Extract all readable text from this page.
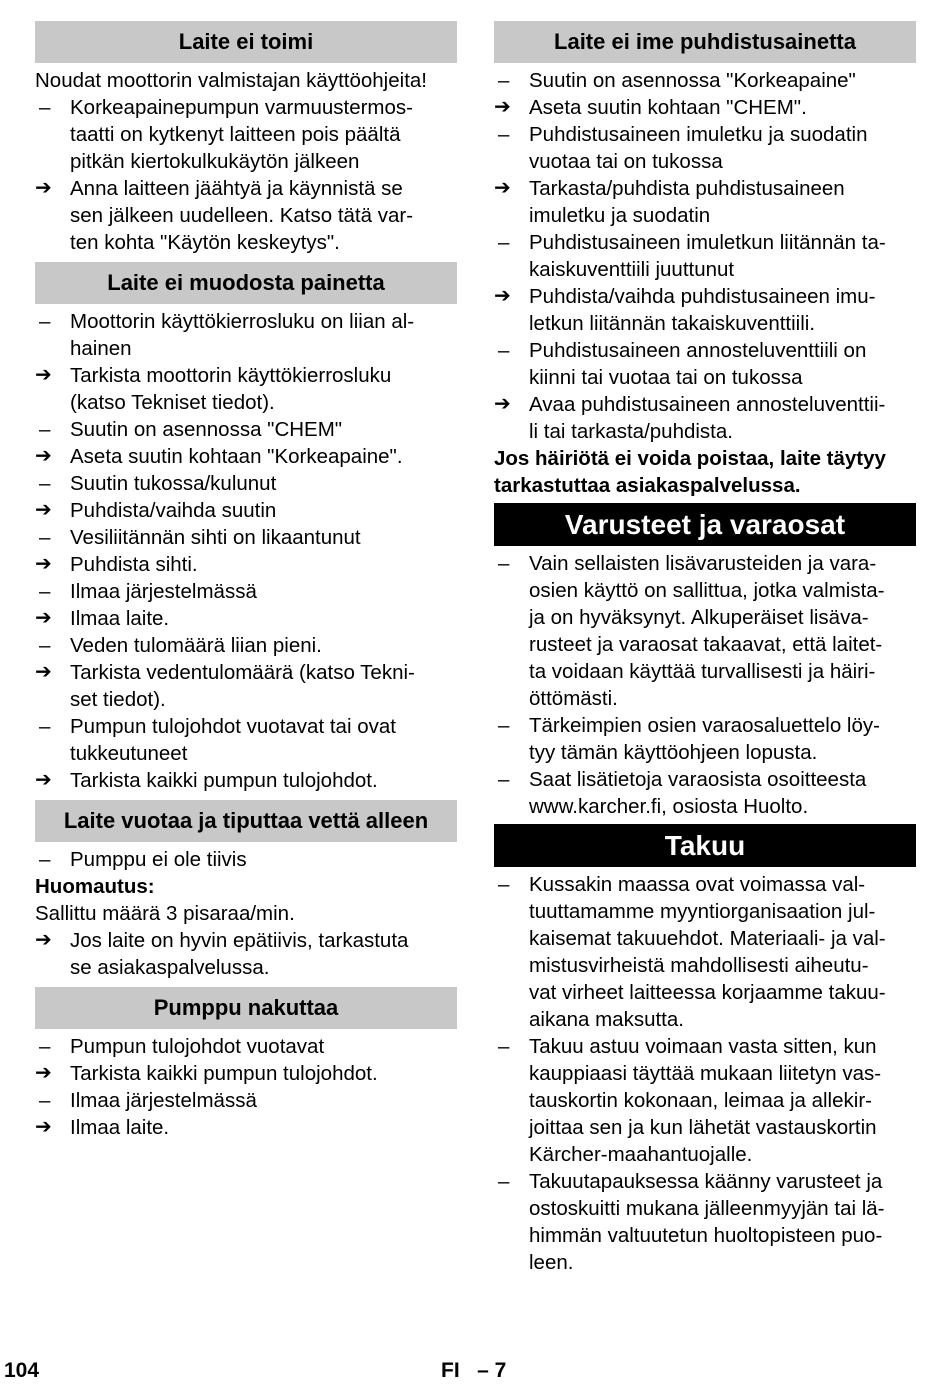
Laite ei toimi
Noudat moottorin valmistajan käyttöohjeita!
– Korkeapainepumpun varmuustermos-
taatti on kytkenyt laitteen pois päältä
pitkän kiertokulkukäytön jälkeen
➔ Anna laitteen jäähtyä ja käynnistä se
sen jälkeen uudelleen. Katso tätä var-
ten kohta "Käytön keskeytys".
Laite ei muodosta painetta
– Moottorin käyttökierrosluku on liian al-
hainen
➔ Tarkista moottorin käyttökierrosluku
(katso Tekniset tiedot).
– Suutin on asennossa "CHEM"
➔ Aseta suutin kohtaan "Korkeapaine".
– Suutin tukossa/kulunut
➔ Puhdista/vaihda suutin
– Vesiliitännän sihti on likaantunut
➔ Puhdista sihti.
– Ilmaa järjestelmässä
➔ Ilmaa laite.
– Veden tulomäärä liian pieni.
➔ Tarkista vedentulomäärä (katso Tekni-
set tiedot).
– Pumpun tulojohdot vuotavat tai ovat
tukkeutuneet
➔ Tarkista kaikki pumpun tulojohdot.
Laite vuotaa ja tiputtaa vettä alleen
– Pumppu ei ole tiivis
Huomautus:
Sallittu määrä 3 pisaraa/min.
➔ Jos laite on hyvin epätiivis, tarkastuta
se asiakaspalvelussa.
Pumppu nakuttaa
– Pumpun tulojohdot vuotavat
➔ Tarkista kaikki pumpun tulojohdot.
– Ilmaa järjestelmässä
➔ Ilmaa laite.
Laite ei ime puhdistusainetta
– Suutin on asennossa "Korkeapaine"
➔ Aseta suutin kohtaan "CHEM".
– Puhdistusaineen imuletku ja suodatin
vuotaa tai on tukossa
➔ Tarkasta/puhdista puhdistusaineen
imuletku ja suodatin
– Puhdistusaineen imuletkun liitännän ta-
kaiskuventtiili juuttunut
➔ Puhdista/vaihda puhdistusaineen imu-
letkun liitännän takaiskuventtiili.
– Puhdistusaineen annosteluventtiili on
kiinni tai vuotaa tai on tukossa
➔ Avaa puhdistusaineen annosteluventtii-
li tai tarkasta/puhdista.
Jos häiriötä ei voida poistaa, laite täytyy
tarkastuttaa asiakaspalvelussa.
Varusteet ja varaosat
– Vain sellaisten lisävarusteiden ja vara-
osien käyttö on sallittua, jotka valmista-
ja on hyväksynyt. Alkuperäiset lisäva-
rusteet ja varaosat takaavat, että laitet-
ta voidaan käyttää turvallisesti ja häiri-
öttömästi.
– Tärkeimpien osien varaosaluettelo löy-
tyy tämän käyttöohjeen lopusta.
– Saat lisätietoja varaosista osoitteesta
www.karcher.fi, osiosta Huolto.
Takuu
– Kussakin maassa ovat voimassa val-
tuuttamamme myyntiorganisaation jul-
kaisemat takuuehdot. Materiaali- ja val-
mistusvirheistä mahdollisesti aiheutu-
vat virheet laitteessa korjaamme takuu-
aikana maksutta.
– Takuu astuu voimaan vasta sitten, kun
kauppiaasi täyttää mukaan liitetyn vas-
tauskortin kokonaan, leimaa ja allekir-
joittaa sen ja kun lähetät vastauskortin
Kärcher-maahantuojalle.
– Takuutapauksessa käänny varusteet ja
ostoskuitti mukana jälleenmyyjän tai lä-
himmän valtuutetun huoltopisteen puo-
leen.
104	FI   – 7
